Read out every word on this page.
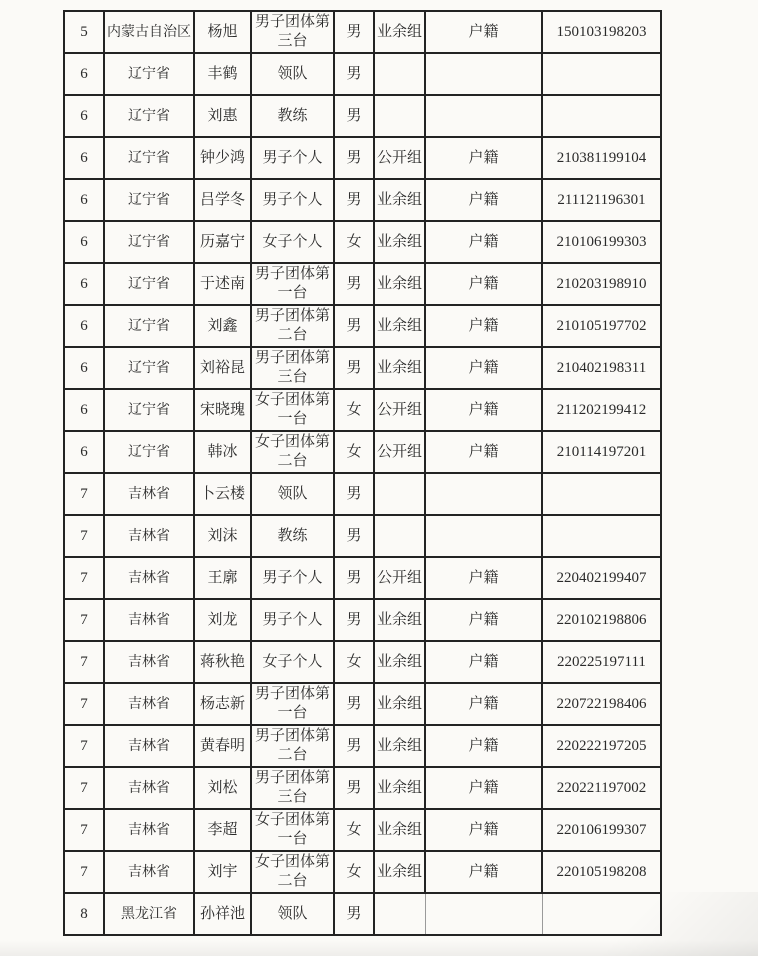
5	内蒙古自治区	杨旭	男子团体第三台	男	业余组	户籍	150103198203
6	辽宁省	丰鹤	领队	男			
6	辽宁省	刘惠	教练	男			
6	辽宁省	钟少鸿	男子个人	男	公开组	户籍	210381199104
6	辽宁省	吕学冬	男子个人	男	业余组	户籍	211121196301
6	辽宁省	历嘉宁	女子个人	女	业余组	户籍	210106199303
6	辽宁省	于述南	男子团体第一台	男	业余组	户籍	210203198910
6	辽宁省	刘鑫	男子团体第二台	男	业余组	户籍	210105197702
6	辽宁省	刘裕昆	男子团体第三台	男	业余组	户籍	210402198311
6	辽宁省	宋晓瑰	女子团体第一台	女	公开组	户籍	211202199412
6	辽宁省	韩冰	女子团体第二台	女	公开组	户籍	210114197201
7	吉林省	卜云楼	领队	男			
7	吉林省	刘沫	教练	男			
7	吉林省	王廓	男子个人	男	公开组	户籍	220402199407
7	吉林省	刘龙	男子个人	男	业余组	户籍	220102198806
7	吉林省	蒋秋艳	女子个人	女	业余组	户籍	220225197111
7	吉林省	杨志新	男子团体第一台	男	业余组	户籍	220722198406
7	吉林省	黄春明	男子团体第二台	男	业余组	户籍	220222197205
7	吉林省	刘松	男子团体第三台	男	业余组	户籍	220221197002
7	吉林省	李超	女子团体第一台	女	业余组	户籍	220106199307
7	吉林省	刘宇	女子团体第二台	女	业余组	户籍	220105198208
8	黑龙江省	孙祥池	领队	男			
